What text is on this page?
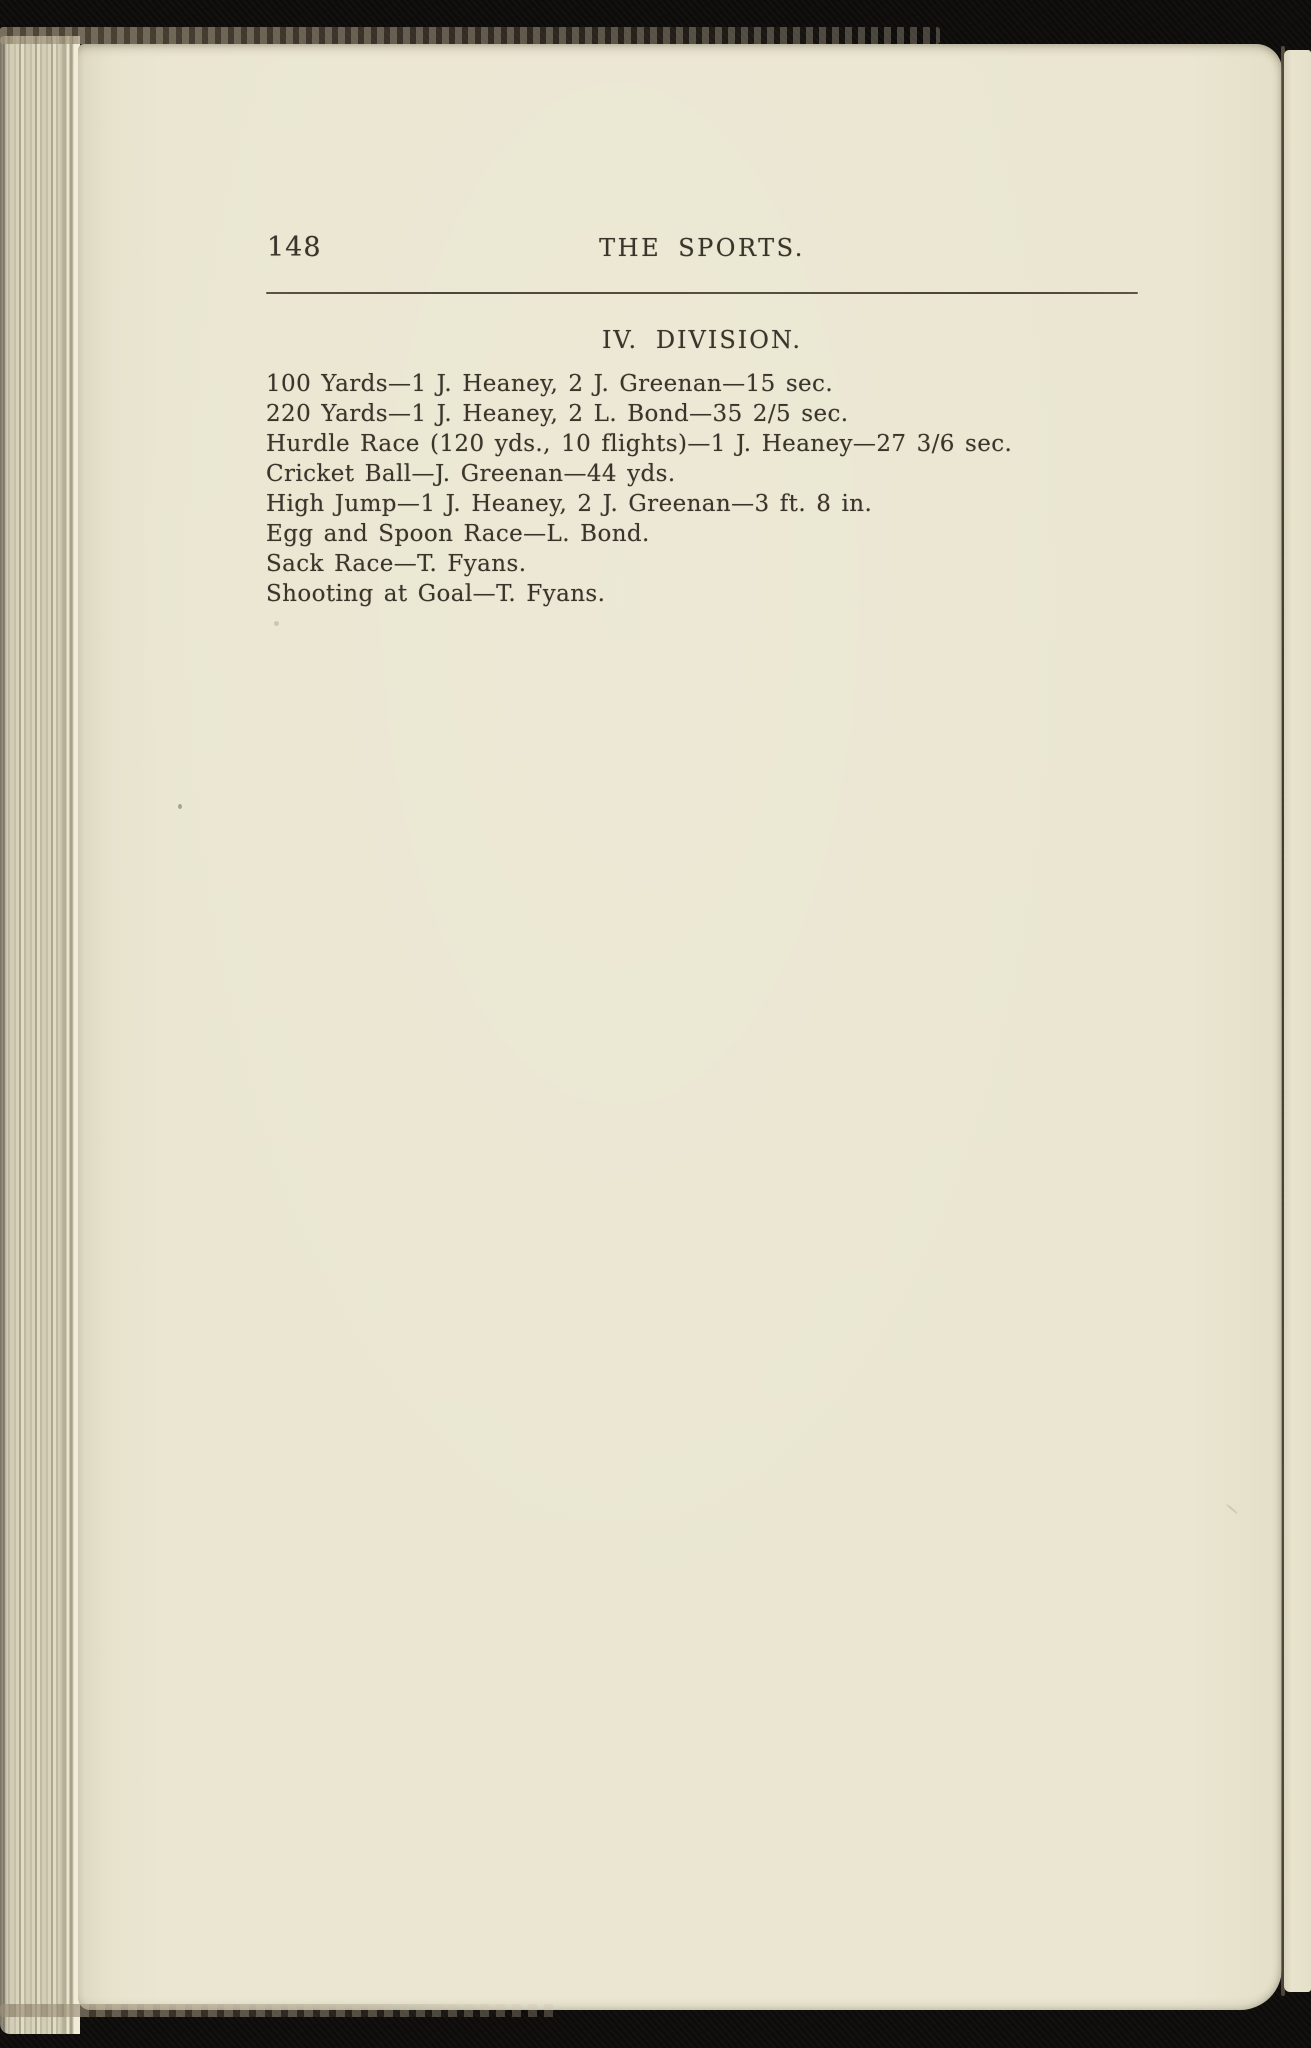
148	THE SPORTS.
IV. DIVISION.

100 Yards—1 J. Heaney, 2 J. Greenan—15 sec.

220 Yards—1 J. Heaney, 2 L. Bond—35 2/5 sec.

Hurdle Race (120 yds., 10 flights)—1 J. Heaney—27 3/6 sec.

Cricket Ball—J. Greenan—44 yds.

High Jump—1 J. Heaney, 2 J. Greenan—3 ft. 8 in.

Egg and Spoon Race—L. Bond.

Sack Race—T. Fyans.

Shooting at Goal—T. Fyans.
